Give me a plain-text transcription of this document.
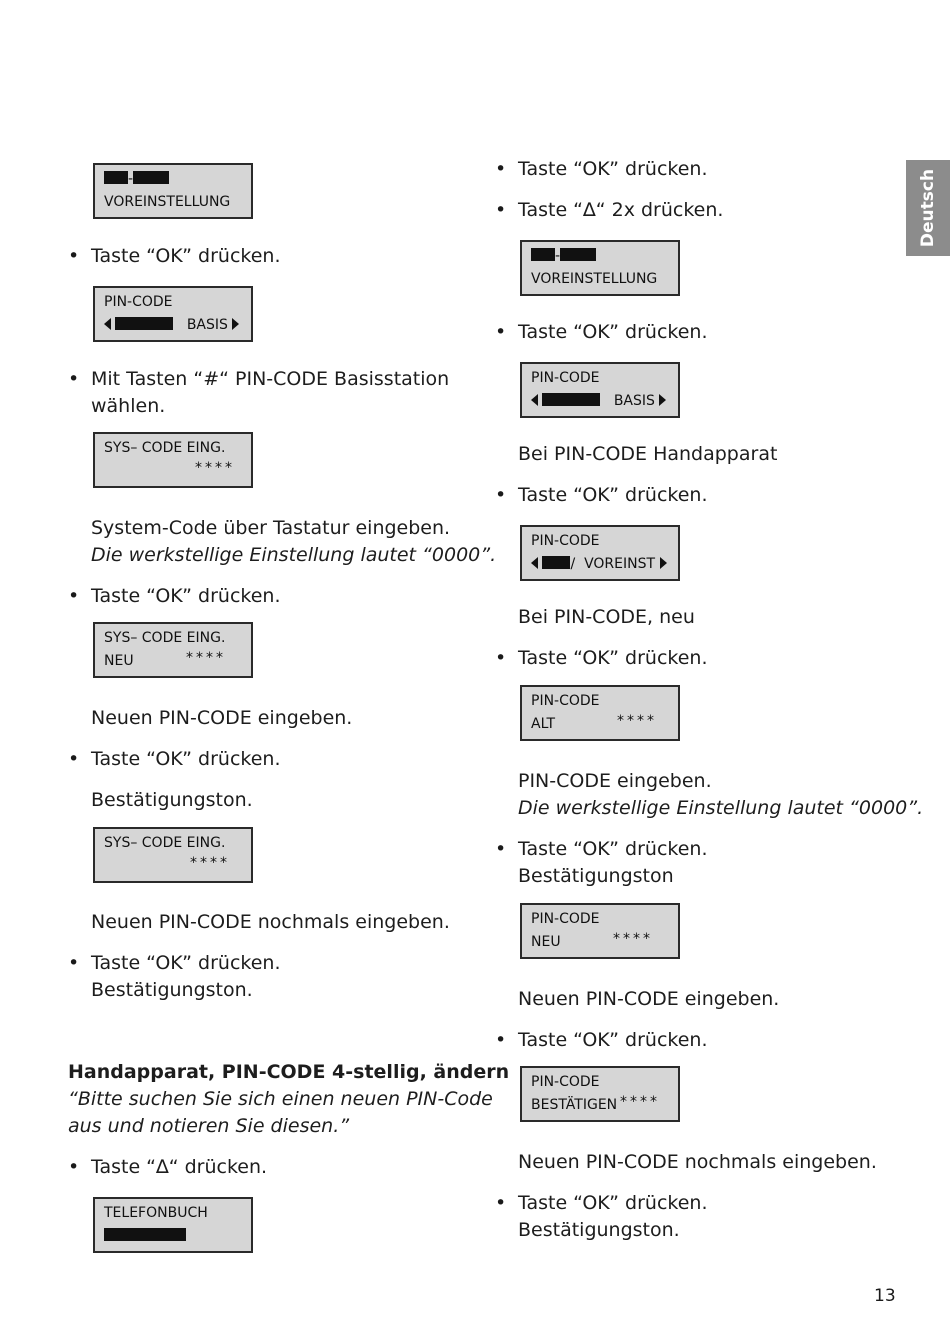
Deutsch
-
VOREINSTELLUNG
• Taste “OK” drücken.
PIN-CODE
BASIS
• Mit Tasten “#“ PIN-CODE Basisstation
wählen.
SYS– CODE EING.
****
System-Code über Tastatur eingeben.
Die werkstellige Einstellung lautet “0000”.
• Taste “OK” drücken.
SYS– CODE EING.
NEU	****
Neuen PIN-CODE eingeben.
• Taste “OK” drücken.
Bestätigungston.
SYS– CODE EING.
****
Neuen PIN-CODE nochmals eingeben.
• Taste “OK” drücken.
Bestätigungston.
Handapparat, PIN-CODE 4-stellig, ändern
“Bitte suchen Sie sich einen neuen PIN-Code
aus und notieren Sie diesen.”
• Taste “∆“ drücken.
TELEFONBUCH
• Taste “OK” drücken.
• Taste “∆“ 2x drücken.
-
VOREINSTELLUNG
• Taste “OK” drücken.
PIN-CODE
BASIS
Bei PIN-CODE Handapparat
• Taste “OK” drücken.
PIN-CODE
/ VOREINST
Bei PIN-CODE, neu
• Taste “OK” drücken.
PIN-CODE
ALT	****
PIN-CODE eingeben.
Die werkstellige Einstellung lautet “0000”.
• Taste “OK” drücken.
Bestätigungston
PIN-CODE
NEU	****
Neuen PIN-CODE eingeben.
• Taste “OK” drücken.
PIN-CODE
BESTÄTIGEN ****
Neuen PIN-CODE nochmals eingeben.
• Taste “OK” drücken.
Bestätigungston.
13
